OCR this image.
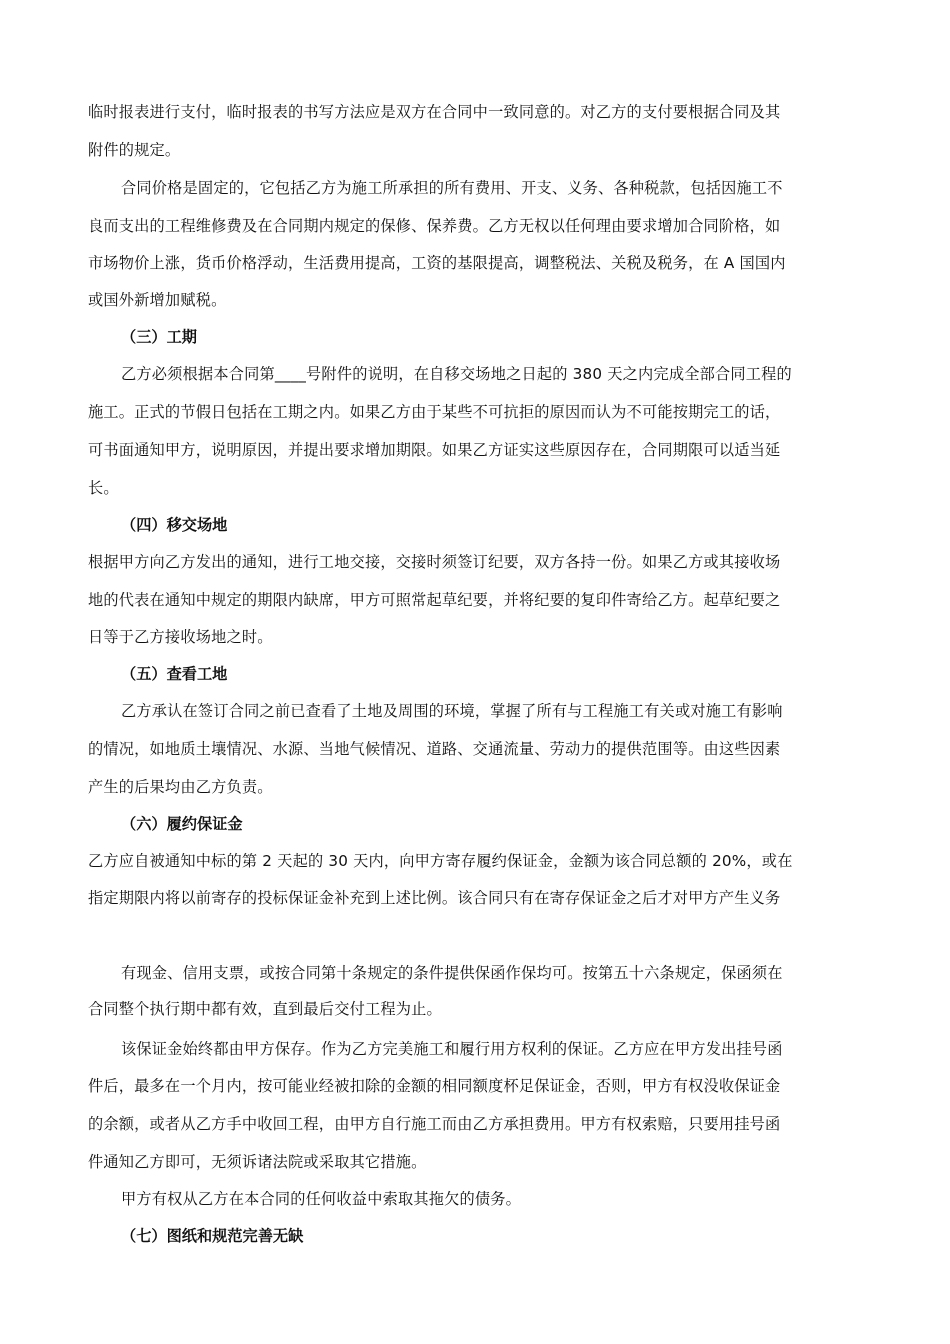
临时报表进行支付，临时报表的书写方法应是双方在合同中一致同意的。对乙方的支付要根据合同及其
附件的规定。
合同价格是固定的，它包括乙方为施工所承担的所有费用、开支、义务、各种税款，包括因施工不
良而支出的工程维修费及在合同期内规定的保修、保养费。乙方无权以任何理由要求增加合同阶格，如
市场物价上涨，货币价格浮动，生活费用提高，工资的基限提高，调整税法、关税及税务，在 A 国国内
或国外新增加赋税。
（三）工期
乙方必须根据本合同第____号附件的说明，在自移交场地之日起的 380 天之内完成全部合同工程的
施工。正式的节假日包括在工期之内。如果乙方由于某些不可抗拒的原因而认为不可能按期完工的话，
可书面通知甲方，说明原因，并提出要求增加期限。如果乙方证实这些原因存在，合同期限可以适当延
长。
（四）移交场地
根据甲方向乙方发出的通知，进行工地交接，交接时须签订纪要，双方各持一份。如果乙方或其接收场
地的代表在通知中规定的期限内缺席，甲方可照常起草纪要，并将纪要的复印件寄给乙方。起草纪要之
日等于乙方接收场地之时。
（五）查看工地
乙方承认在签订合同之前已查看了土地及周围的环境，掌握了所有与工程施工有关或对施工有影响
的情况，如地质土壤情况、水源、当地气候情况、道路、交通流量、劳动力的提供范围等。由这些因素
产生的后果均由乙方负责。
（六）履约保证金
乙方应自被通知中标的第 2 天起的 30 天内，向甲方寄存履约保证金，金额为该合同总额的 20%，或在
指定期限内将以前寄存的投标保证金补充到上述比例。该合同只有在寄存保证金之后才对甲方产生义务
有现金、信用支票，或按合同第十条规定的条件提供保函作保均可。按第五十六条规定，保函须在
合同整个执行期中都有效，直到最后交付工程为止。
该保证金始终都由甲方保存。作为乙方完美施工和履行用方权利的保证。乙方应在甲方发出挂号函
件后，最多在一个月内，按可能业经被扣除的金额的相同额度杯足保证金，否则，甲方有权没收保证金
的余额，或者从乙方手中收回工程，由甲方自行施工而由乙方承担费用。甲方有权索赔，只要用挂号函
件通知乙方即可，无须诉诸法院或采取其它措施。
甲方有权从乙方在本合同的任何收益中索取其拖欠的债务。
（七）图纸和规范完善无缺
